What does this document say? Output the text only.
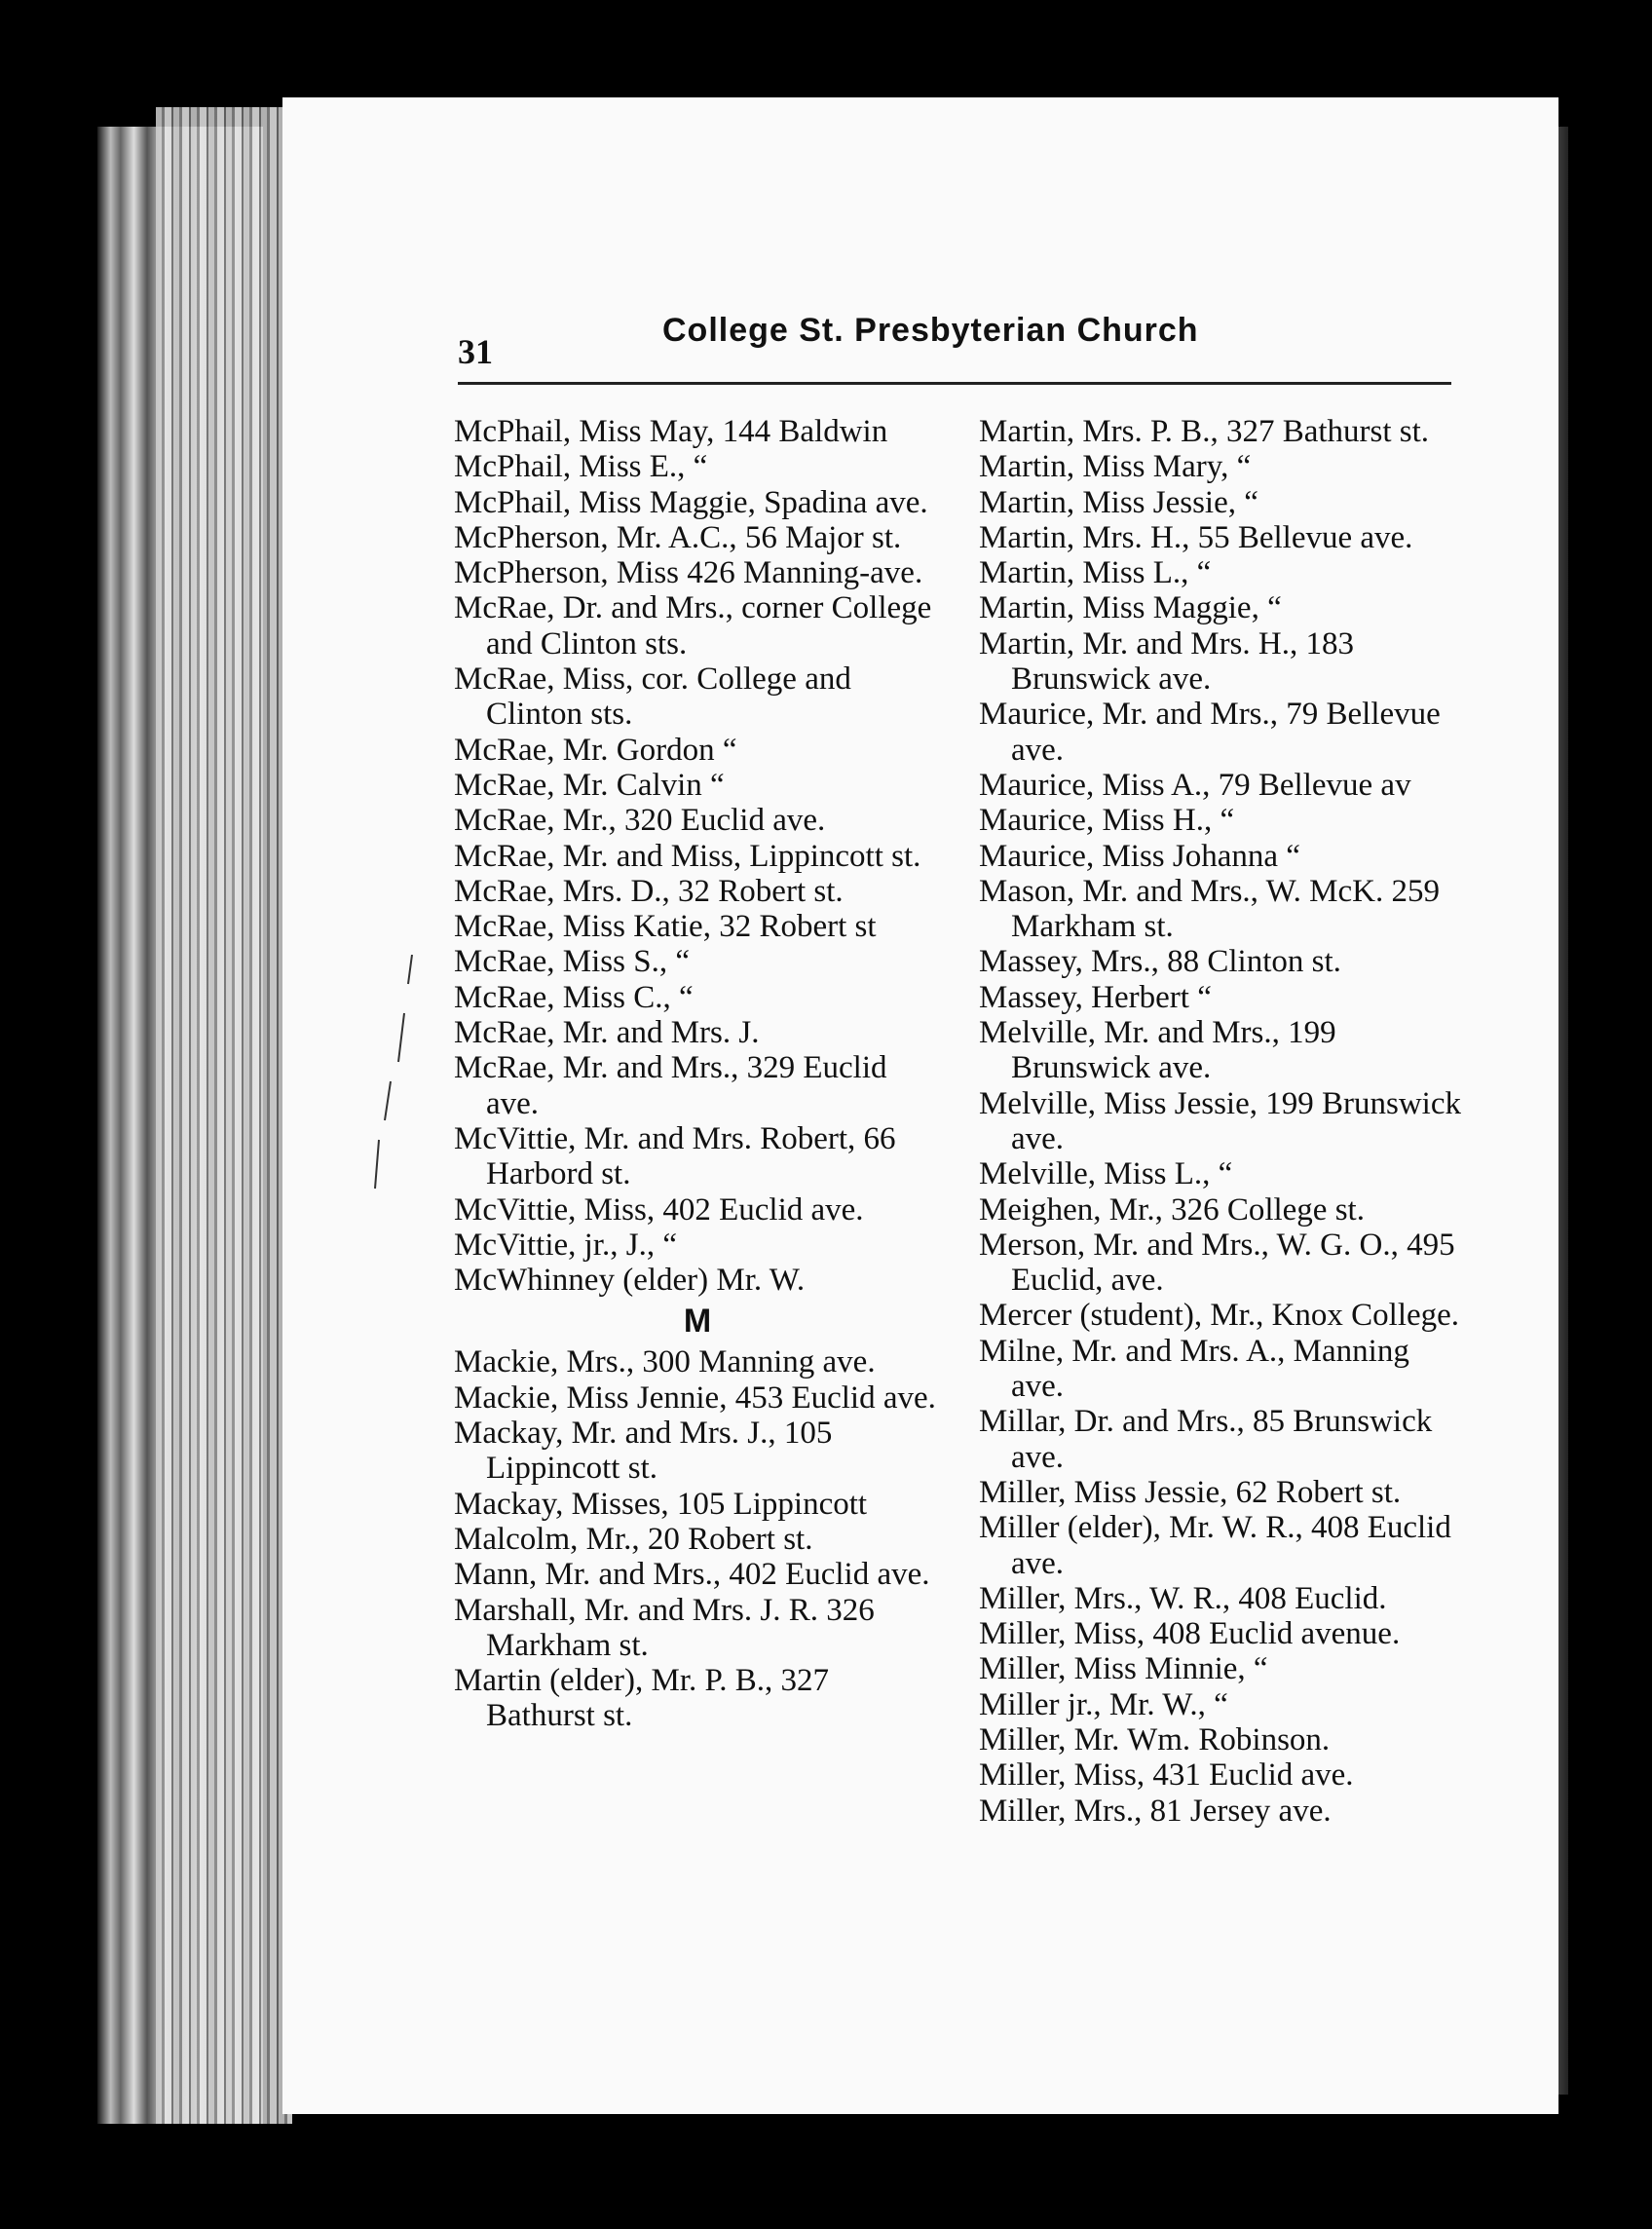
31
College St. Presbyterian Church

McPhail, Miss May, 144 Baldwin

McPhail, Miss E., “

McPhail, Miss Maggie, Spadina ave.

McPherson, Mr. A.C., 56 Major st.

McPherson, Miss 426 Manning-ave.

McRae, Dr. and Mrs., corner College and Clinton sts.

McRae, Miss, cor. College and Clinton sts.

McRae, Mr. Gordon “

McRae, Mr. Calvin “

McRae, Mr., 320 Euclid ave.

McRae, Mr. and Miss, Lippincott st.

McRae, Mrs. D., 32 Robert st.

McRae, Miss Katie, 32 Robert st

McRae, Miss S., “

McRae, Miss C., “

McRae, Mr. and Mrs. J.

McRae, Mr. and Mrs., 329 Euclid ave.

McVittie, Mr. and Mrs. Robert, 66 Harbord st.

McVittie, Miss, 402 Euclid ave.

McVittie, jr., J., “

McWhinney (elder) Mr. W.

M

Mackie, Mrs., 300 Manning ave.

Mackie, Miss Jennie, 453 Euclid ave.

Mackay, Mr. and Mrs. J., 105 Lippincott st.

Mackay, Misses, 105 Lippincott

Malcolm, Mr., 20 Robert st.

Mann, Mr. and Mrs., 402 Euclid ave.

Marshall, Mr. and Mrs. J. R. 326 Markham st.

Martin (elder), Mr. P. B., 327 Bathurst st.

Martin, Mrs. P. B., 327 Bathurst st.

Martin, Miss Mary, “

Martin, Miss Jessie, “

Martin, Mrs. H., 55 Bellevue ave.

Martin, Miss L., “

Martin, Miss Maggie, “

Martin, Mr. and Mrs. H., 183 Brunswick ave.

Maurice, Mr. and Mrs., 79 Bellevue ave.

Maurice, Miss A., 79 Bellevue av

Maurice, Miss H., “

Maurice, Miss Johanna “

Mason, Mr. and Mrs., W. McK. 259 Markham st.

Massey, Mrs., 88 Clinton st.

Massey, Herbert “

Melville, Mr. and Mrs., 199 Brunswick ave.

Melville, Miss Jessie, 199 Brunswick ave.

Melville, Miss L., “

Meighen, Mr., 326 College st.

Merson, Mr. and Mrs., W. G. O., 495 Euclid, ave.

Mercer (student), Mr., Knox College.

Milne, Mr. and Mrs. A., Manning ave.

Millar, Dr. and Mrs., 85 Brunswick ave.

Miller, Miss Jessie, 62 Robert st.

Miller (elder), Mr. W. R., 408 Euclid ave.

Miller, Mrs., W. R., 408 Euclid.

Miller, Miss, 408 Euclid avenue.

Miller, Miss Minnie, “

Miller jr., Mr. W., “

Miller, Mr. Wm. Robinson.

Miller, Miss, 431 Euclid ave.

Miller, Mrs., 81 Jersey ave.
